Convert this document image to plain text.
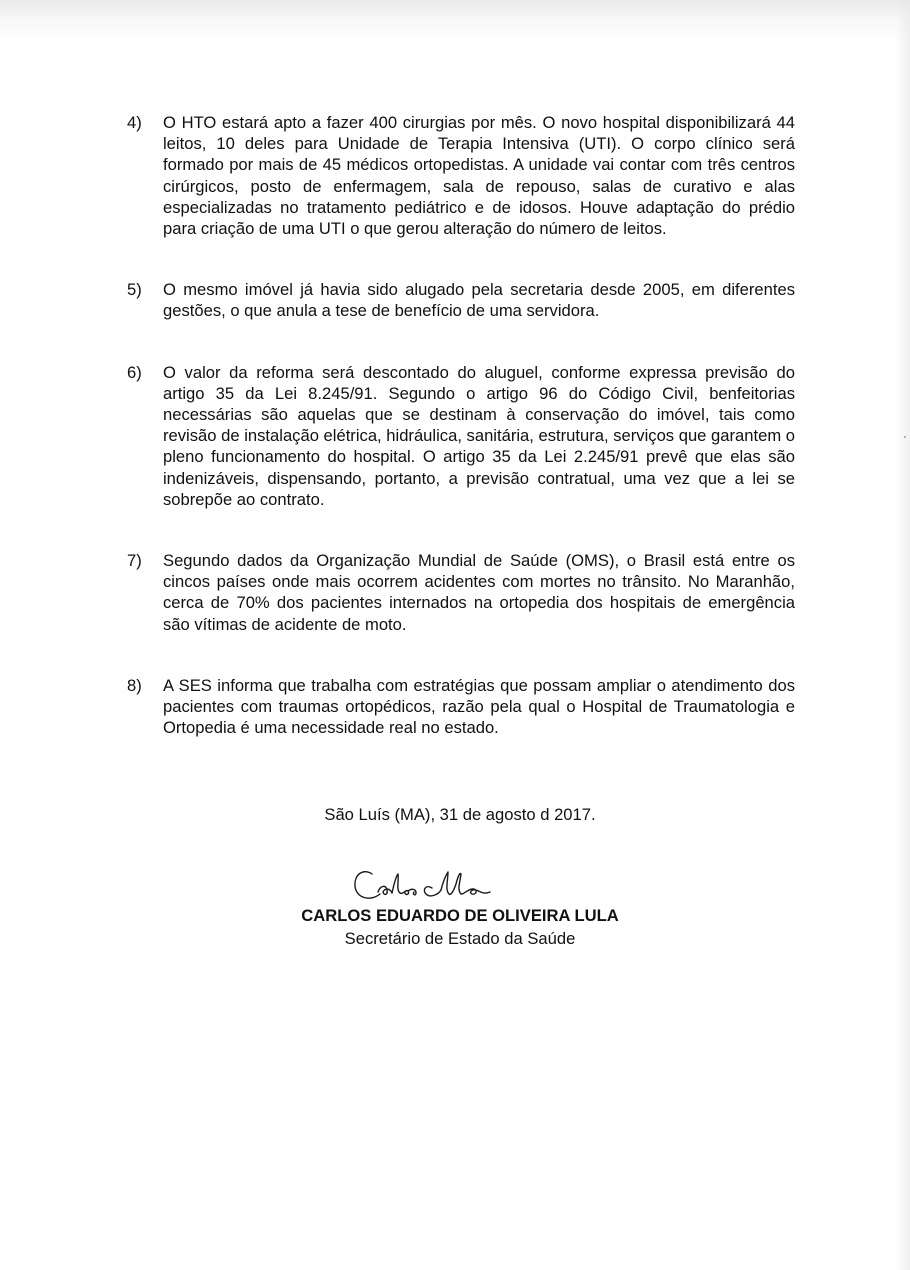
4)	O HTO estará apto a fazer 400 cirurgias por mês. O novo hospital disponibilizará 44 leitos, 10 deles para Unidade de Terapia Intensiva (UTI). O corpo clínico será formado por mais de 45 médicos ortopedistas. A unidade vai contar com três centros cirúrgicos, posto de enfermagem, sala de repouso, salas de curativo e alas especializadas no tratamento pediátrico e de idosos. Houve adaptação do prédio para criação de uma UTI o que gerou alteração do número de leitos.
5)	O mesmo imóvel já havia sido alugado pela secretaria desde 2005, em diferentes gestões, o que anula a tese de benefício de uma servidora.
6)	O valor da reforma será descontado do aluguel, conforme expressa previsão do artigo 35 da Lei 8.245/91. Segundo o artigo 96 do Código Civil, benfeitorias necessárias são aquelas que se destinam à conservação do imóvel, tais como revisão de instalação elétrica, hidráulica, sanitária, estrutura, serviços que garantem o pleno funcionamento do hospital. O artigo 35 da Lei 2.245/91 prevê que elas são indenizáveis, dispensando, portanto, a previsão contratual, uma vez que a lei se sobrepõe ao contrato.
7)	Segundo dados da Organização Mundial de Saúde (OMS), o Brasil está entre os cincos países onde mais ocorrem acidentes com mortes no trânsito. No Maranhão, cerca de 70% dos pacientes internados na ortopedia dos hospitais de emergência são vítimas de acidente de moto.
8)	A SES informa que trabalha com estratégias que possam ampliar o atendimento dos pacientes com traumas ortopédicos, razão pela qual o Hospital de Traumatologia e Ortopedia é uma necessidade real no estado.
São Luís (MA), 31 de agosto d 2017.
CARLOS EDUARDO DE OLIVEIRA LULA
Secretário de Estado da Saúde
